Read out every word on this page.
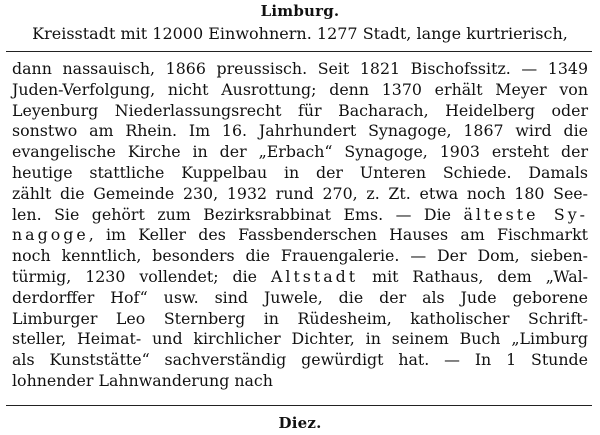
Limburg.
Kreisstadt mit 12000 Einwohnern. 1277 Stadt, lange kurtrierisch,
dann nassauisch, 1866 preussisch. Seit 1821 Bischofssitz. — 1349
Juden-Verfolgung, nicht Ausrottung; denn 1370 erhält Meyer von
Leyenburg Niederlassungsrecht für Bacharach, Heidelberg oder
sonstwo am Rhein. Im 16. Jahrhundert Synagoge, 1867 wird die
evangelische Kirche in der „Erbach“ Synagoge, 1903 ersteht der
heutige stattliche Kuppelbau in der Unteren Schiede. Damals
zählt die Gemeinde 230, 1932 rund 270, z. Zt. etwa noch 180 See-
len. Sie gehört zum Bezirksrabbinat Ems. — Die älteste Sy-
nagoge, im Keller des Fassbenderschen Hauses am Fischmarkt
noch kenntlich, besonders die Frauengalerie. — Der Dom, sieben-
türmig, 1230 vollendet; die Altstadt mit Rathaus, dem „Wal-
derdorffer Hof“ usw. sind Juwele, die der als Jude geborene
Limburger Leo Sternberg in Rüdesheim, katholischer Schrift-
steller, Heimat- und kirchlicher Dichter, in seinem Buch „Limburg
als Kunststätte“ sachverständig gewürdigt hat. — In 1 Stunde
lohnender Lahnwanderung nach
Diez.
